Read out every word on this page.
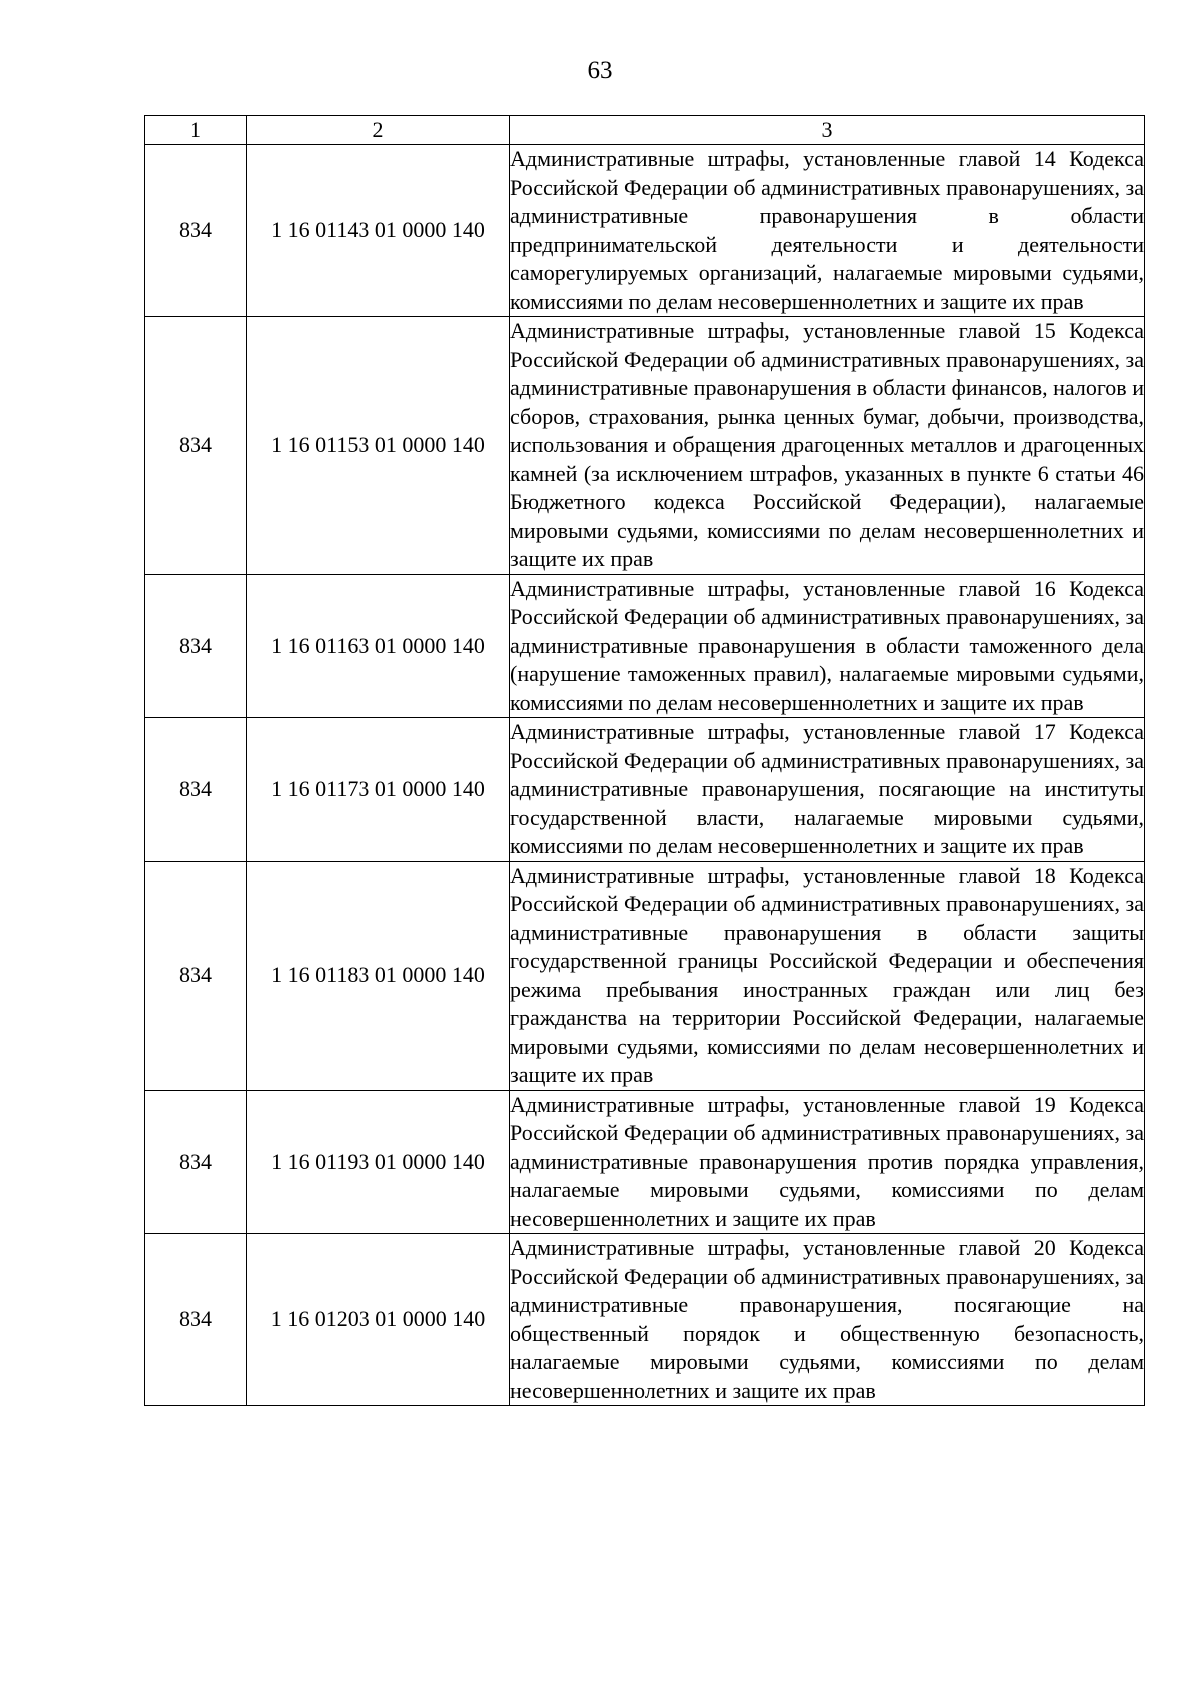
63
1	2	3
834	1 16 01143 01 0000 140	Административные штрафы, установленные главой 14 Кодекса Российской Федерации об административных правонарушениях, за административные правонарушения в области предпринимательской деятельности и деятельности саморегулируемых организаций, налагаемые мировыми судьями, комиссиями по делам несовершеннолетних и защите их прав
834	1 16 01153 01 0000 140	Административные штрафы, установленные главой 15 Кодекса Российской Федерации об административных правонарушениях, за административные правонарушения в области финансов, налогов и сборов, страхования, рынка ценных бумаг, добычи, производства, использования и обращения драгоценных металлов и драгоценных камней (за исключением штрафов, указанных в пункте 6 статьи 46 Бюджетного кодекса Российской Федерации), налагаемые мировыми судьями, комиссиями по делам несовершеннолетних и защите их прав
834	1 16 01163 01 0000 140	Административные штрафы, установленные главой 16 Кодекса Российской Федерации об административных правонарушениях, за административные правонарушения в области таможенного дела (нарушение таможенных правил), налагаемые мировыми судьями, комиссиями по делам несовершеннолетних и защите их прав
834	1 16 01173 01 0000 140	Административные штрафы, установленные главой 17 Кодекса Российской Федерации об административных правонарушениях, за административные правонарушения, посягающие на институты государственной власти, налагаемые мировыми судьями, комиссиями по делам несовершеннолетних и защите их прав
834	1 16 01183 01 0000 140	Административные штрафы, установленные главой 18 Кодекса Российской Федерации об административных правонарушениях, за административные правонарушения в области защиты государственной границы Российской Федерации и обеспечения режима пребывания иностранных граждан или лиц без гражданства на территории Российской Федерации, налагаемые мировыми судьями, комиссиями по делам несовершеннолетних и защите их прав
834	1 16 01193 01 0000 140	Административные штрафы, установленные главой 19 Кодекса Российской Федерации об административных правонарушениях, за административные правонарушения против порядка управления, налагаемые мировыми судьями, комиссиями по делам несовершеннолетних и защите их прав
834	1 16 01203 01 0000 140	Административные штрафы, установленные главой 20 Кодекса Российской Федерации об административных правонарушениях, за административные правонарушения, посягающие на общественный порядок и общественную безопасность, налагаемые мировыми судьями, комиссиями по делам несовершеннолетних и защите их прав
